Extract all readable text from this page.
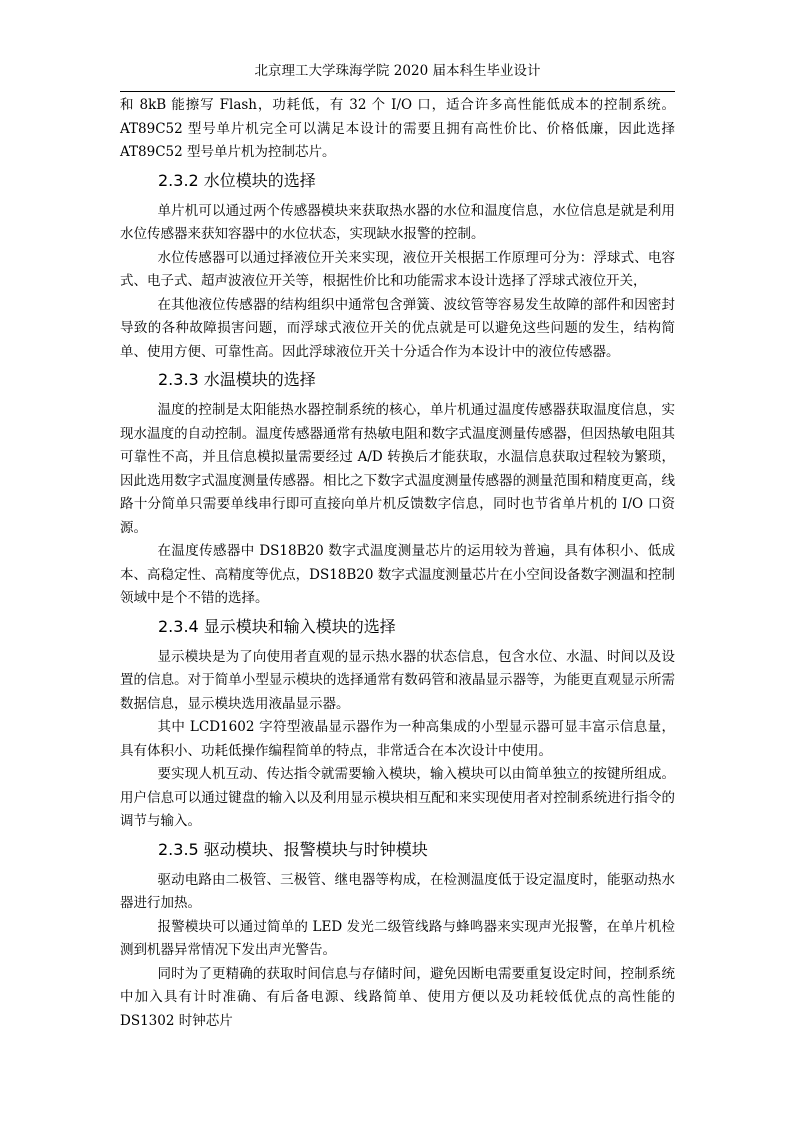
北京理工大学珠海学院 2020 届本科生毕业设计

和 8kB 能擦写 Flash，功耗低，有 32 个 I/O 口，适合许多高性能低成本的控制系统。AT89C52 型号单片机完全可以满足本设计的需要且拥有高性价比、价格低廉，因此选择 AT89C52 型号单片机为控制芯片。

2.3.2 水位模块的选择

单片机可以通过两个传感器模块来获取热水器的水位和温度信息，水位信息是就是利用水位传感器来获知容器中的水位状态，实现缺水报警的控制。

水位传感器可以通过择液位开关来实现，液位开关根据工作原理可分为：浮球式、电容式、电子式、超声波液位开关等，根据性价比和功能需求本设计选择了浮球式液位开关，

在其他液位传感器的结构组织中通常包含弹簧、波纹管等容易发生故障的部件和因密封导致的各种故障损害问题，而浮球式液位开关的优点就是可以避免这些问题的发生，结构简单、使用方便、可靠性高。因此浮球液位开关十分适合作为本设计中的液位传感器。

2.3.3 水温模块的选择

温度的控制是太阳能热水器控制系统的核心，单片机通过温度传感器获取温度信息，实现水温度的自动控制。温度传感器通常有热敏电阻和数字式温度测量传感器，但因热敏电阻其可靠性不高，并且信息模拟量需要经过 A/D 转换后才能获取，水温信息获取过程较为繁琐，因此选用数字式温度测量传感器。相比之下数字式温度测量传感器的测量范围和精度更高，线路十分简单只需要单线串行即可直接向单片机反馈数字信息，同时也节省单片机的 I/O 口资源。

在温度传感器中 DS18B20 数字式温度测量芯片的运用较为普遍，具有体积小、低成本、高稳定性、高精度等优点，DS18B20 数字式温度测量芯片在小空间设备数字测温和控制领域中是个不错的选择。

2.3.4 显示模块和输入模块的选择

显示模块是为了向使用者直观的显示热水器的状态信息，包含水位、水温、时间以及设置的信息。对于简单小型显示模块的选择通常有数码管和液晶显示器等，为能更直观显示所需数据信息，显示模块选用液晶显示器。

其中 LCD1602 字符型液晶显示器作为一种高集成的小型显示器可显丰富示信息量，具有体积小、功耗低操作编程简单的特点，非常适合在本次设计中使用。

要实现人机互动、传达指令就需要输入模块，输入模块可以由简单独立的按键所组成。用户信息可以通过键盘的输入以及利用显示模块相互配和来实现使用者对控制系统进行指令的调节与输入。

2.3.5 驱动模块、报警模块与时钟模块

驱动电路由二极管、三极管、继电器等构成，在检测温度低于设定温度时，能驱动热水器进行加热。

报警模块可以通过简单的 LED 发光二级管线路与蜂鸣器来实现声光报警，在单片机检测到机器异常情况下发出声光警告。

同时为了更精确的获取时间信息与存储时间，避免因断电需要重复设定时间，控制系统中加入具有计时准确、有后备电源、线路简单、使用方便以及功耗较低优点的高性能的 DS1302 时钟芯片
